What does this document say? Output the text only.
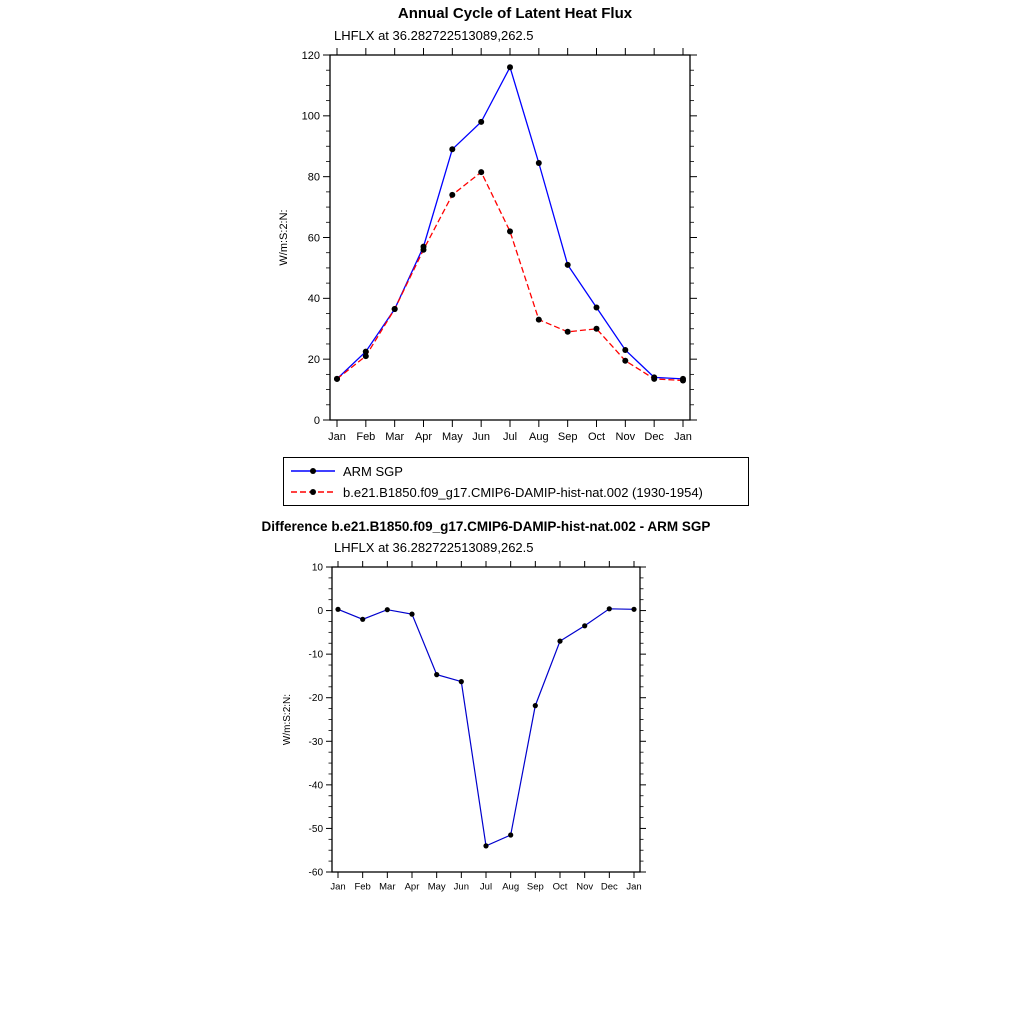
Annual Cycle of Latent Heat Flux
LHFLX at 36.282722513089,262.5
0
20
40
60
80
100
120
Jan Feb Mar Apr May Jun Jul Aug Sep Oct Nov Dec Jan
W/m:S:2:N:
ARM SGP
b.e21.B1850.f09_g17.CMIP6-DAMIP-hist-nat.002 (1930-1954)
Difference b.e21.B1850.f09_g17.CMIP6-DAMIP-hist-nat.002 - ARM SGP
LHFLX at 36.282722513089,262.5
-60
-50
-40
-30
-20
-10
0
10
Jan Feb Mar Apr May Jun Jul Aug Sep Oct Nov Dec Jan
W/m:S:2:N:
